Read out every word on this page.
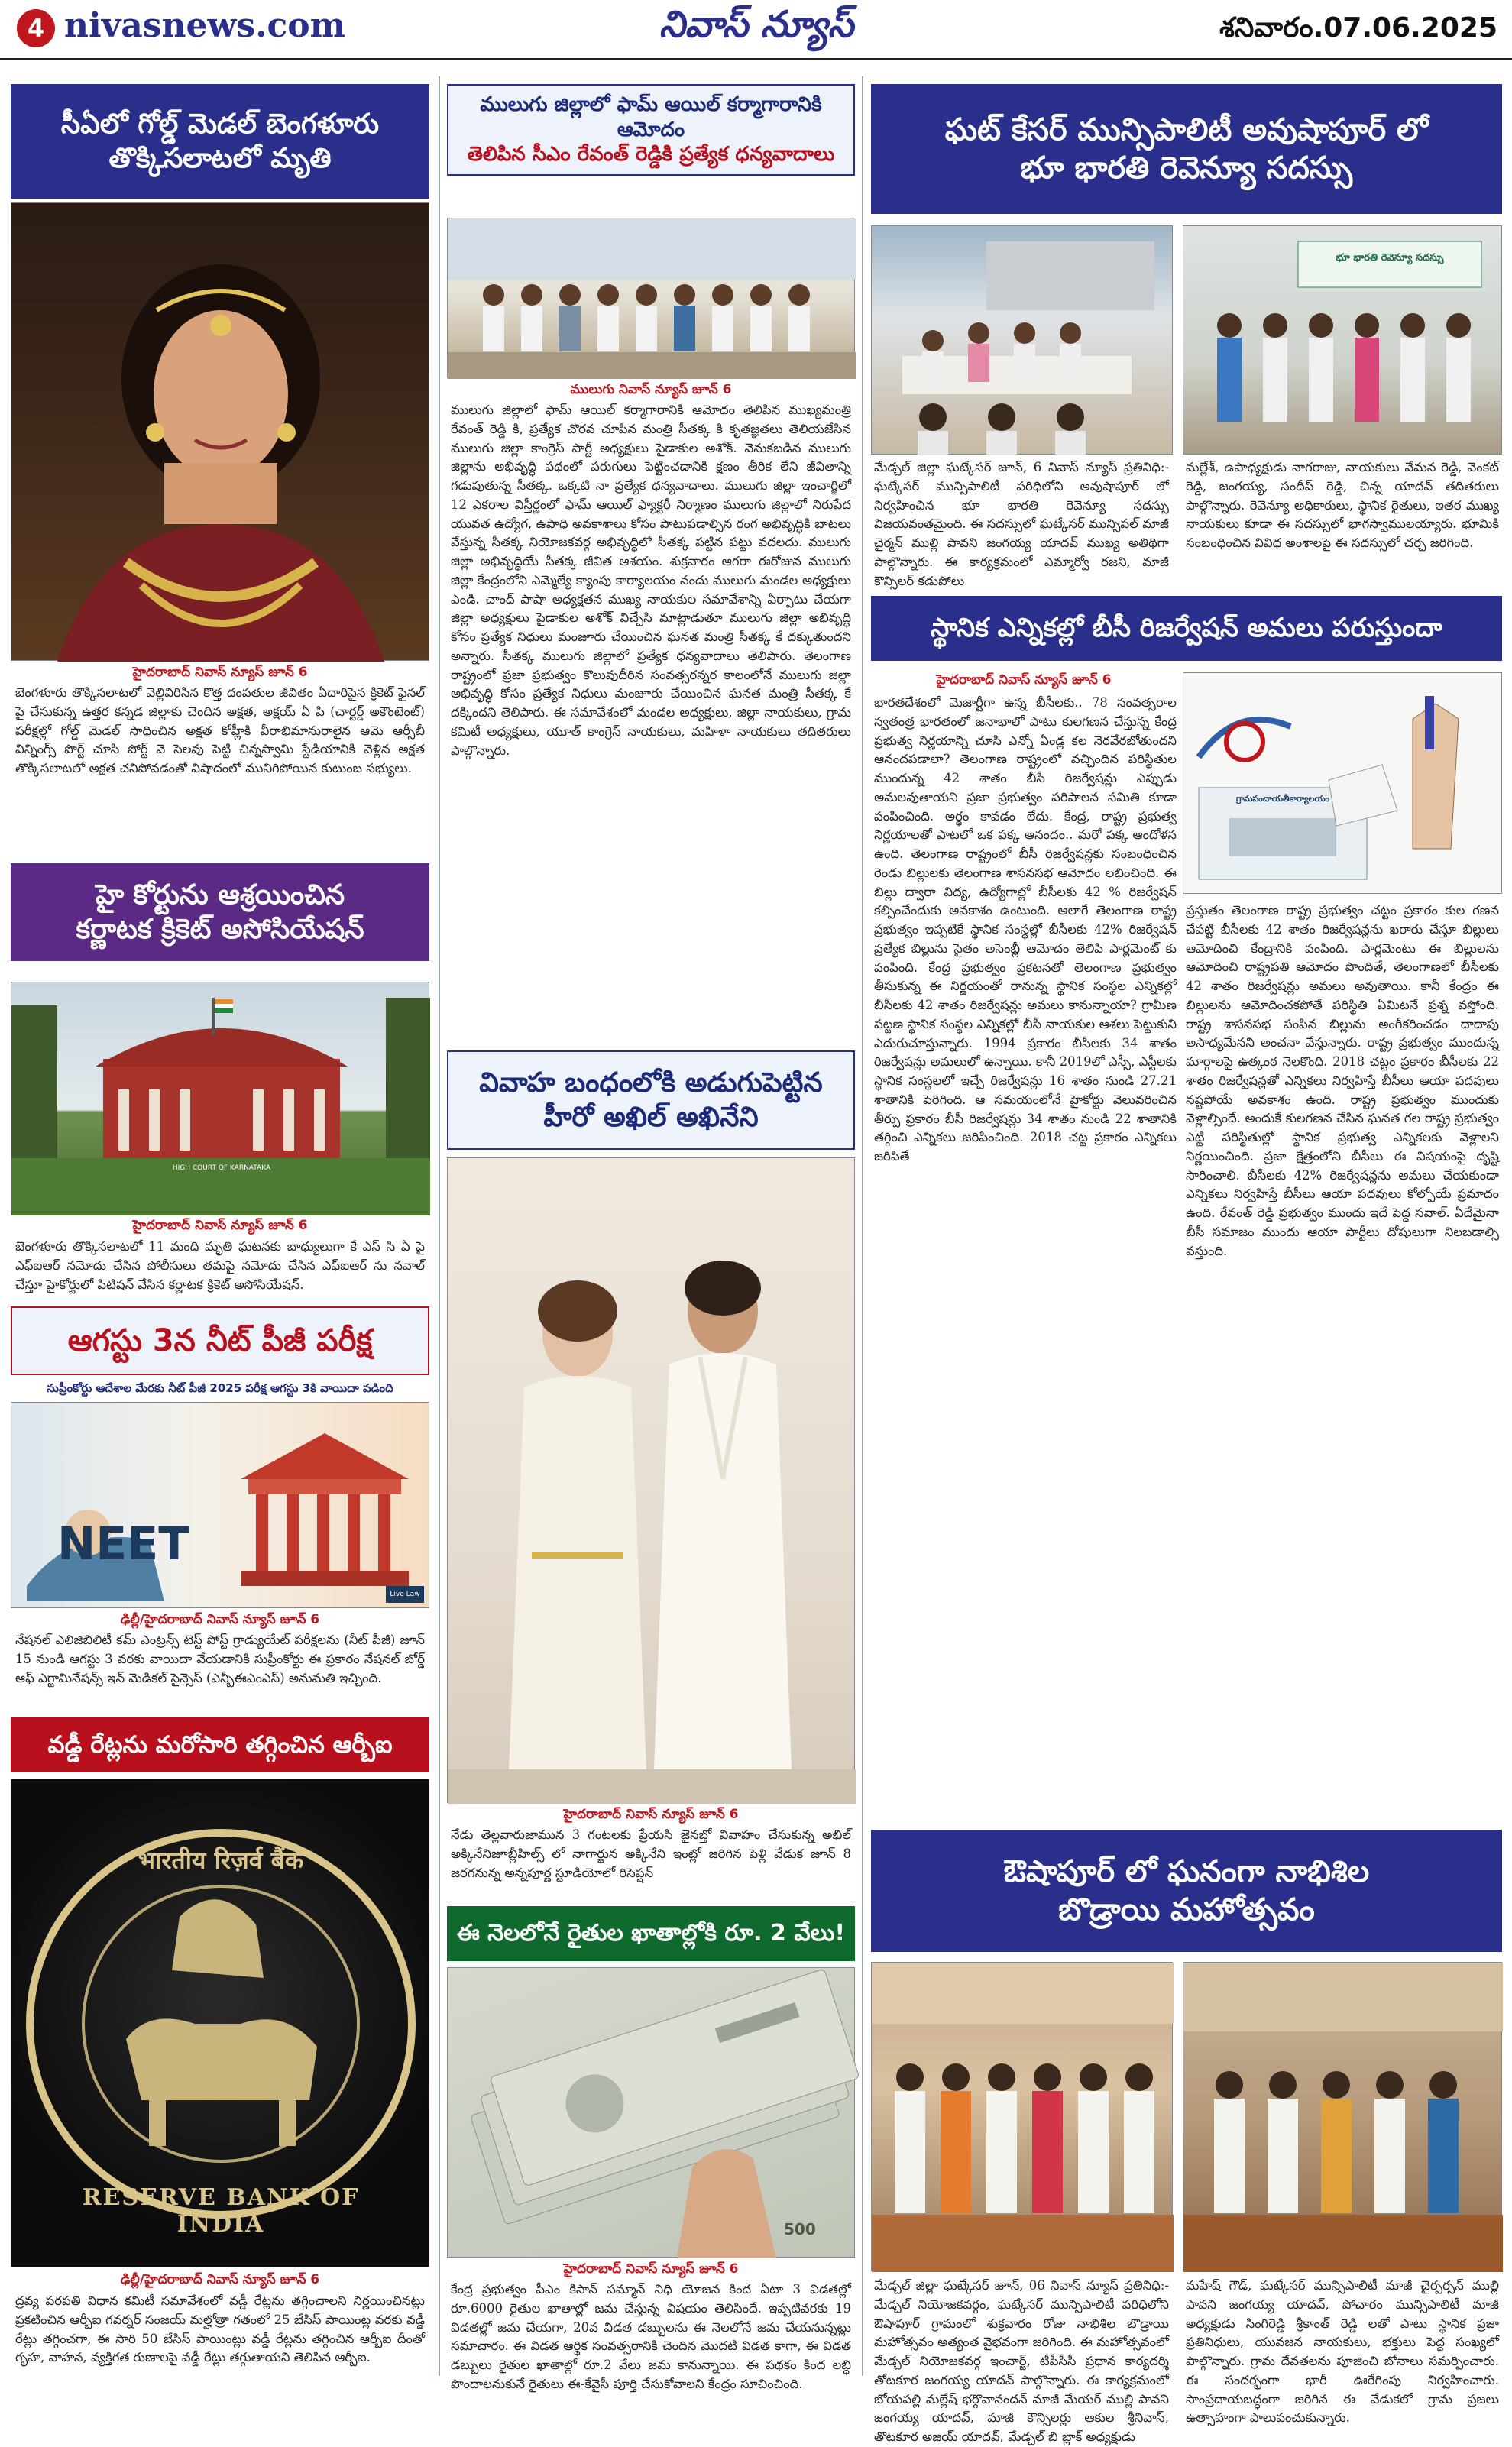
4 nivasnews.com	నివాస్ న్యూస్	శనివారం.07.06.2025
సీఏలో గోల్డ్ మెడల్ బెంగళూరు
తొక్కిసలాటలో మృతి
హైదరాబాద్ నివాస్ న్యూస్ జూన్ 6
బెంగళూరు తొక్కిసలాటలో వెల్లివిరిసిన కొత్త దంపతుల జీవితం ఏదారిపైన క్రికెట్ ఫైనల్ పై చేసుకున్న ఉత్తర కన్నడ జిల్లాకు చెందిన అక్షత, అక్షయ్ ఏ పి (చార్టర్డ్ అకౌంటెంట్) పరీక్షల్లో గోల్డ్ మెడల్ సాధించిన అక్షత కోహ్లీకి వీరాభిమానురాలైన ఆమె ఆర్సీబీ విన్నింగ్స్ పొర్ట్ చూసి పోర్ట్ వె సెలవు పెట్టి చిన్నస్వామి స్టేడియానికి వెళ్లిన అక్షత తొక్కిసలాటలో అక్షత చనిపోవడంతో విషాదంలో మునిగిపోయిన కుటుంబ సభ్యులు.
హై కోర్టును ఆశ్రయించిన
కర్ణాటక క్రికెట్ అసోసియేషన్
HIGH COURT OF KARNATAKA
హైదరాబాద్ నివాస్ న్యూస్ జూన్ 6
బెంగళూరు తొక్కిసలాటలో 11 మంది మృతి ఘటనకు బాధ్యులుగా కే ఎస్ సి ఏ పై ఎఫ్ఐఆర్ నమోదు చేసిన పోలీసులు తమపై నమోదు చేసిన ఎఫ్ఐఆర్ ను నవాల్ చేస్తూ హైకోర్టులో పిటిషన్ వేసిన కర్ణాటక క్రికెట్ అసోసియేషన్.
ఆగస్టు 3న నీట్ పీజీ పరీక్ష
సుప్రీంకోర్టు ఆదేశాల మేరకు నీట్ పీజీ 2025 పరీక్ష ఆగస్టు 3కి వాయిదా పడింది
NEET
Live Law
ఢిల్లీ/హైదరాబాద్ నివాస్ న్యూస్ జూన్ 6
నేషనల్ ఎలిజిబిలిటీ కమ్ ఎంట్రన్స్ టెస్ట్ పోస్ట్ గ్రాడ్యుయేట్ పరీక్షలను (నీట్ పీజీ) జూన్ 15 నుండి ఆగస్టు 3 వరకు వాయిదా వేయడానికి సుప్రీంకోర్టు ఈ ప్రకారం నేషనల్ బోర్డ్ ఆఫ్ ఎగ్జామినేషన్స్ ఇన్ మెడికల్ సైన్సెస్ (ఎన్బీఈఎంఎస్) అనుమతి ఇచ్చింది.
వడ్డీ రేట్లను మరోసారి తగ్గించిన ఆర్బీఐ
भारतीय रिज़र्व बैंक
RESERVE BANK OF INDIA
ఢిల్లీ/హైదరాబాద్ నివాస్ న్యూస్ జూన్ 6
ద్రవ్య పరపతి విధాన కమిటీ సమావేశంలో వడ్డీ రేట్లను తగ్గించాలని నిర్ణయించినట్లు ప్రకటించిన ఆర్బీఐ గవర్నర్ సంజయ్ మల్హోత్రా గతంలో 25 బేసిస్ పాయింట్ల వరకు వడ్డీ రేట్లు తగ్గించగా, ఈ సారి 50 బేసిస్ పాయింట్లు వడ్డీ రేట్లను తగ్గించిన ఆర్బీఐ దీంతో గృహ, వాహన, వ్యక్తిగత రుణాలపై వడ్డీ రేట్లు తగ్గుతాయని తెలిపిన ఆర్బీఐ.
ములుగు జిల్లాలో ఫామ్ ఆయిల్ కర్మాగారానికి ఆమోదం
తెలిపిన సీఎం రేవంత్ రెడ్డికి ప్రత్యేక ధన్యవాదాలు
ములుగు నివాస్ న్యూస్ జూన్ 6
ములుగు జిల్లాలో ఫామ్ ఆయిల్ కర్మాగారానికి ఆమోదం తెలిపిన ముఖ్యమంత్రి రేవంత్ రెడ్డి కి, ప్రత్యేక చొరవ చూపిన మంత్రి సీతక్క కి కృతజ్ఞతలు తెలియజేసిన ములుగు జిల్లా కాంగ్రెస్ పార్టీ అధ్యక్షులు పైడాకుల అశోక్. వెనుకబడిన ములుగు జిల్లాను అభివృద్ధి పథంలో పరుగులు పెట్టించడానికి క్షణం తీరిక లేని జీవితాన్ని గడుపుతున్న సీతక్క. ఒక్కటి నా ప్రత్యేక ధన్యవాదాలు. ములుగు జిల్లా ఇంచార్జిలో 12 ఎకరాల విస్తీర్ణంలో ఫామ్ ఆయిల్ ఫ్యాక్టరీ నిర్మాణం ములుగు జిల్లాలో నిరుపేద యువత ఉద్యోగ, ఉపాధి అవకాశాలు కోసం పాటుపడాల్సిన రంగ అభివృద్ధికి బాటలు వేస్తున్న సీతక్క నియోజకవర్గ అభివృద్ధిలో సీతక్క పట్టిన పట్టు వదలదు. ములుగు జిల్లా అభివృద్ధియే సీతక్క జీవిత ఆశయం. శుక్రవారం ఆగరా ఈరోజున ములుగు జిల్లా కేంద్రంలోని ఎమ్మెల్యే క్యాంపు కార్యాలయం నందు ములుగు మండల అధ్యక్షులు ఎండి. చాంద్ పాషా అధ్యక్షతన ముఖ్య నాయకుల సమావేశాన్ని ఏర్పాటు చేయగా జిల్లా అధ్యక్షులు పైడాకుల అశోక్ విచ్చేసి మాట్లాడుతూ ములుగు జిల్లా అభివృద్ధి కోసం ప్రత్యేక నిధులు మంజూరు చేయించిన ఘనత మంత్రి సీతక్క కే దక్కుతుందని అన్నారు. సీతక్క ములుగు జిల్లాలో ప్రత్యేక ధన్యవాదాలు తెలిపారు. తెలంగాణ రాష్ట్రంలో ప్రజా ప్రభుత్వం కొలువుదీరిన సంవత్సరన్నర కాలంలోనే ములుగు జిల్లా అభివృద్ధి కోసం ప్రత్యేక నిధులు మంజూరు చేయించిన ఘనత మంత్రి సీతక్క కే దక్కిందని తెలిపారు. ఈ సమావేశంలో మండల అధ్యక్షులు, జిల్లా నాయకులు, గ్రామ కమిటీ అధ్యక్షులు, యూత్ కాంగ్రెస్ నాయకులు, మహిళా నాయకులు తదితరులు పాల్గొన్నారు.
వివాహ బంధంలోకి అడుగుపెట్టిన
హీరో అఖిల్ అఖినేని
హైదరాబాద్ నివాస్ న్యూస్ జూన్ 6
నేడు తెల్లవారుజామున 3 గంటలకు ప్రేయసి జైనబ్తో వివాహం చేసుకున్న అఖిల్ అక్కినేనిజూబ్లీహిల్స్ లో నాగార్జున అక్కినేని ఇంట్లో జరిగిన పెళ్లి వేడుక జూన్ 8 జరగనున్న అన్నపూర్ణ స్టూడియోలో రిసెప్షన్
ఈ నెలలోనే రైతుల ఖాతాల్లోకి రూ. 2 వేలు!
500
హైదరాబాద్ నివాస్ న్యూస్ జూన్ 6
కేంద్ర ప్రభుత్వం పీఎం కిసాన్ సమ్మాన్ నిధి యోజన కింద ఏటా 3 విడతల్లో రూ.6000 రైతుల ఖాతాల్లో జమ చేస్తున్న విషయం తెలిసిందే. ఇప్పటివరకు 19 విడతల్లో జమ చేయగా, 20వ విడత డబ్బులను ఈ నెలలోనే జమ చేయనున్నట్లు సమాచారం. ఈ విడత ఆర్థిక సంవత్సరానికి చెందిన మొదటి విడత కాగా, ఈ విడత డబ్బులు రైతుల ఖాతాల్లో రూ.2 వేలు జమ కానున్నాయి. ఈ పథకం కింద లబ్ధి పొందాలనుకునే రైతులు ఈ-కేవైసీ పూర్తి చేసుకోవాలని కేంద్రం సూచించింది.
ఘట్ కేసర్ మున్సిపాలిటీ అవుషాపూర్ లో
భూ భారతి రెవెన్యూ సదస్సు
భూ భారతి రెవెన్యూ సదస్సు
మేడ్చల్ జిల్లా ఘట్కేసర్ జూన్, 6 నివాస్ న్యూస్ ప్రతినిధి:- ఘట్కేసర్ మున్సిపాలిటీ పరిధిలోని అవుషాపూర్ లో నిర్వహించిన భూ భారతి రెవెన్యూ సదస్సు విజయవంతమైంది. ఈ సదస్సులో ఘట్కేసర్ మున్సిపల్ మాజీ ఛైర్మన్ ముల్లి పావని జంగయ్య యాదవ్ ముఖ్య అతిథిగా పాల్గొన్నారు. ఈ కార్యక్రమంలో ఎమ్మార్వో రజని, మాజీ కౌన్సిలర్ కడుపోలు
మల్లేశ్, ఉపాధ్యక్షుడు నాగరాజు, నాయకులు వేమన రెడ్డి, వెంకట్ రెడ్డి, జంగయ్య, సందీప్ రెడ్డి, చిన్న యాదవ్ తదితరులు పాల్గొన్నారు. రెవెన్యూ అధికారులు, స్థానిక రైతులు, ఇతర ముఖ్య నాయకులు కూడా ఈ సదస్సులో భాగస్వాములయ్యారు. భూమికి సంబంధించిన వివిధ అంశాలపై ఈ సదస్సులో చర్చ జరిగింది.
స్థానిక ఎన్నికల్లో బీసీ రిజర్వేషన్ అమలు పరుస్తుందా
హైదరాబాద్ నివాస్ న్యూస్ జూన్ 6
గ్రామపంచాయతీకార్యాలయం
భారతదేశంలో మెజార్టీగా ఉన్న బీసీలకు.. 78 సంవత్సరాల స్వతంత్ర భారతంలో జనాభాలో పాటు కులగణన చేస్తున్న కేంద్ర ప్రభుత్వ నిర్ణయాన్ని చూసి ఎన్నో ఏండ్ల కల నెరవేరబోతుందని ఆనందపడాలా? తెలంగాణ రాష్ట్రంలో వచ్చిందిన పరిస్థితుల ముందున్న 42 శాతం బీసీ రిజర్వేషన్లు ఎప్పుడు అమలవుతాయని ప్రజా ప్రభుత్వం పరిపాలన సమితి కూడా పంపించింది. అర్థం కావడం లేదు. కేంద్ర, రాష్ట్ర ప్రభుత్వ నిర్ణయాలతో పాటలో ఒక పక్క ఆనందం.. మరో పక్క ఆందోళన ఉంది. తెలంగాణ రాష్ట్రంలో బీసీ రిజర్వేషన్లకు సంబంధించిన రెండు బిల్లులకు తెలంగాణ శాసనసభ ఆమోదం లభించింది. ఈ బిల్లు ద్వారా విద్య, ఉద్యోగాల్లో బీసీలకు 42 % రిజర్వేషన్ కల్పించేందుకు అవకాశం ఉంటుంది. అలాగే తెలంగాణ రాష్ట్ర ప్రభుత్వం ఇప్పటికే స్థానిక సంస్థల్లో బీసీలకు 42% రిజర్వేషన్ ప్రత్యేక బిల్లును సైతం అసెంబ్లీ ఆమోదం తెలిపి పార్లమెంట్ కు పంపింది. కేంద్ర ప్రభుత్వం ప్రకటనతో తెలంగాణ ప్రభుత్వం తీసుకున్న ఈ నిర్ణయంతో రానున్న స్థానిక సంస్థల ఎన్నికల్లో బీసీలకు 42 శాతం రిజర్వేషన్లు అమలు కానున్నాయా? గ్రామీణ పట్టణ స్థానిక సంస్థల ఎన్నికల్లో బీసీ నాయకుల ఆశలు పెట్టుకుని ఎదురుచూస్తున్నారు. 1994 ప్రకారం బీసీలకు 34 శాతం రిజర్వేషన్లు అమలులో ఉన్నాయి. కానీ 2019లో ఎస్సీ, ఎస్టీలకు స్థానిక సంస్థలలో ఇచ్చే రిజర్వేషన్లు 16 శాతం నుండి 27.21 శాతానికి పెరిగింది. ఆ సమయంలోనే హైకోర్టు వెలువరించిన తీర్పు ప్రకారం బీసీ రిజర్వేషన్లు 34 శాతం నుండి 22 శాతానికి తగ్గించి ఎన్నికలు జరిపించింది. 2018 చట్ట ప్రకారం ఎన్నికలు జరిపితే
ప్రస్తుతం తెలంగాణ రాష్ట్ర ప్రభుత్వం చట్టం ప్రకారం కుల గణన చేపట్టి బీసీలకు 42 శాతం రిజర్వేషన్లను ఖరారు చేస్తూ బిల్లులు ఆమోదించి కేంద్రానికి పంపింది. పార్లమెంటు ఈ బిల్లులను ఆమోదించి రాష్ట్రపతి ఆమోదం పొందితే, తెలంగాణలో బీసీలకు 42 శాతం రిజర్వేషన్లు అమలు అవుతాయి. కానీ కేంద్రం ఈ బిల్లులను ఆమోదించకపోతే పరిస్థితి ఏమిటనే ప్రశ్న వస్తోంది. రాష్ట్ర శాసనసభ పంపిన బిల్లును అంగీకరించడం దాదాపు అసాధ్యమేనని అంచనా వేస్తున్నారు. రాష్ట్ర ప్రభుత్వం ముందున్న మార్గాలపై ఉత్కంఠ నెలకొంది. 2018 చట్టం ప్రకారం బీసీలకు 22 శాతం రిజర్వేషన్లతో ఎన్నికలు నిర్వహిస్తే బీసీలు ఆయా పదవులు నష్టపోయే అవకాశం ఉంది. రాష్ట్ర ప్రభుత్వం ముందుకు వెళ్లాల్సిందే. అందుకే కులగణన చేసిన ఘనత గల రాష్ట్ర ప్రభుత్వం ఎట్టి పరిస్థితుల్లో స్థానిక ప్రభుత్వ ఎన్నికలకు వెళ్లాలని నిర్ణయించింది. ప్రజా క్షేత్రంలోని బీసీలు ఈ విషయంపై దృష్టి సారించాలి. బీసీలకు 42% రిజర్వేషన్లను అమలు చేయకుండా ఎన్నికలు నిర్వహిస్తే బీసీలు ఆయా పదవులు కోల్పోయే ప్రమాదం ఉంది. రేవంత్ రెడ్డి ప్రభుత్వం ముందు ఇదే పెద్ద సవాల్. ఏదేమైనా బీసీ సమాజం ముందు ఆయా పార్టీలు దోషులుగా నిలబడాల్సి వస్తుంది.
ఔషాపూర్ లో ఘనంగా నాభిశిల
బొడ్రాయి మహోత్సవం
మేడ్చల్ జిల్లా ఘట్కేసర్ జూన్, 06 నివాస్ న్యూస్ ప్రతినిధి:- మేడ్చల్ నియోజకవర్గం, ఘట్కేసర్ మున్సిపాలిటీ పరిధిలోని ఔషాపూర్ గ్రామంలో శుక్రవారం రోజు నాభిశిల బొడ్రాయి మహోత్సవం అత్యంత వైభవంగా జరిగింది. ఈ మహోత్సవంలో మేడ్చల్ నియోజకవర్గ ఇంచార్జ్, టీపీసీసీ ప్రధాన కార్యదర్శి తోటకూర జంగయ్య యాదవ్ పాల్గొన్నారు. ఈ కార్యక్రమంలో బోయపల్లి మల్లేష్ భర్గొవానందన్ మాజీ మేయర్ ముల్లి పావని జంగయ్య యాదవ్, మాజీ కౌన్సిలర్లు ఆకుల శ్రీనివాస్, తొటకూర అజయ్ యాదవ్, మేడ్చల్ బి బ్లాక్ అధ్యక్షుడు
మహేష్ గౌడ్, ఘట్కేసర్ మున్సిపాలిటీ మాజీ చైర్పర్సన్ ముల్లి పావని జంగయ్య యాదవ్, పోచారం మున్సిపాలిటీ మాజీ అధ్యక్షుడు సింగిరెడ్డి శ్రీకాంత్ రెడ్డి లతో పాటు స్థానిక ప్రజా ప్రతినిధులు, యువజన నాయకులు, భక్తులు పెద్ద సంఖ్యలో పాల్గొన్నారు. గ్రామ దేవతలను పూజించి బోనాలు సమర్పించారు. ఈ సందర్భంగా భారీ ఊరేగింపు నిర్వహించారు. సాంప్రదాయబద్ధంగా జరిగిన ఈ వేడుకలో గ్రామ ప్రజలు ఉత్సాహంగా పాలుపంచుకున్నారు.
